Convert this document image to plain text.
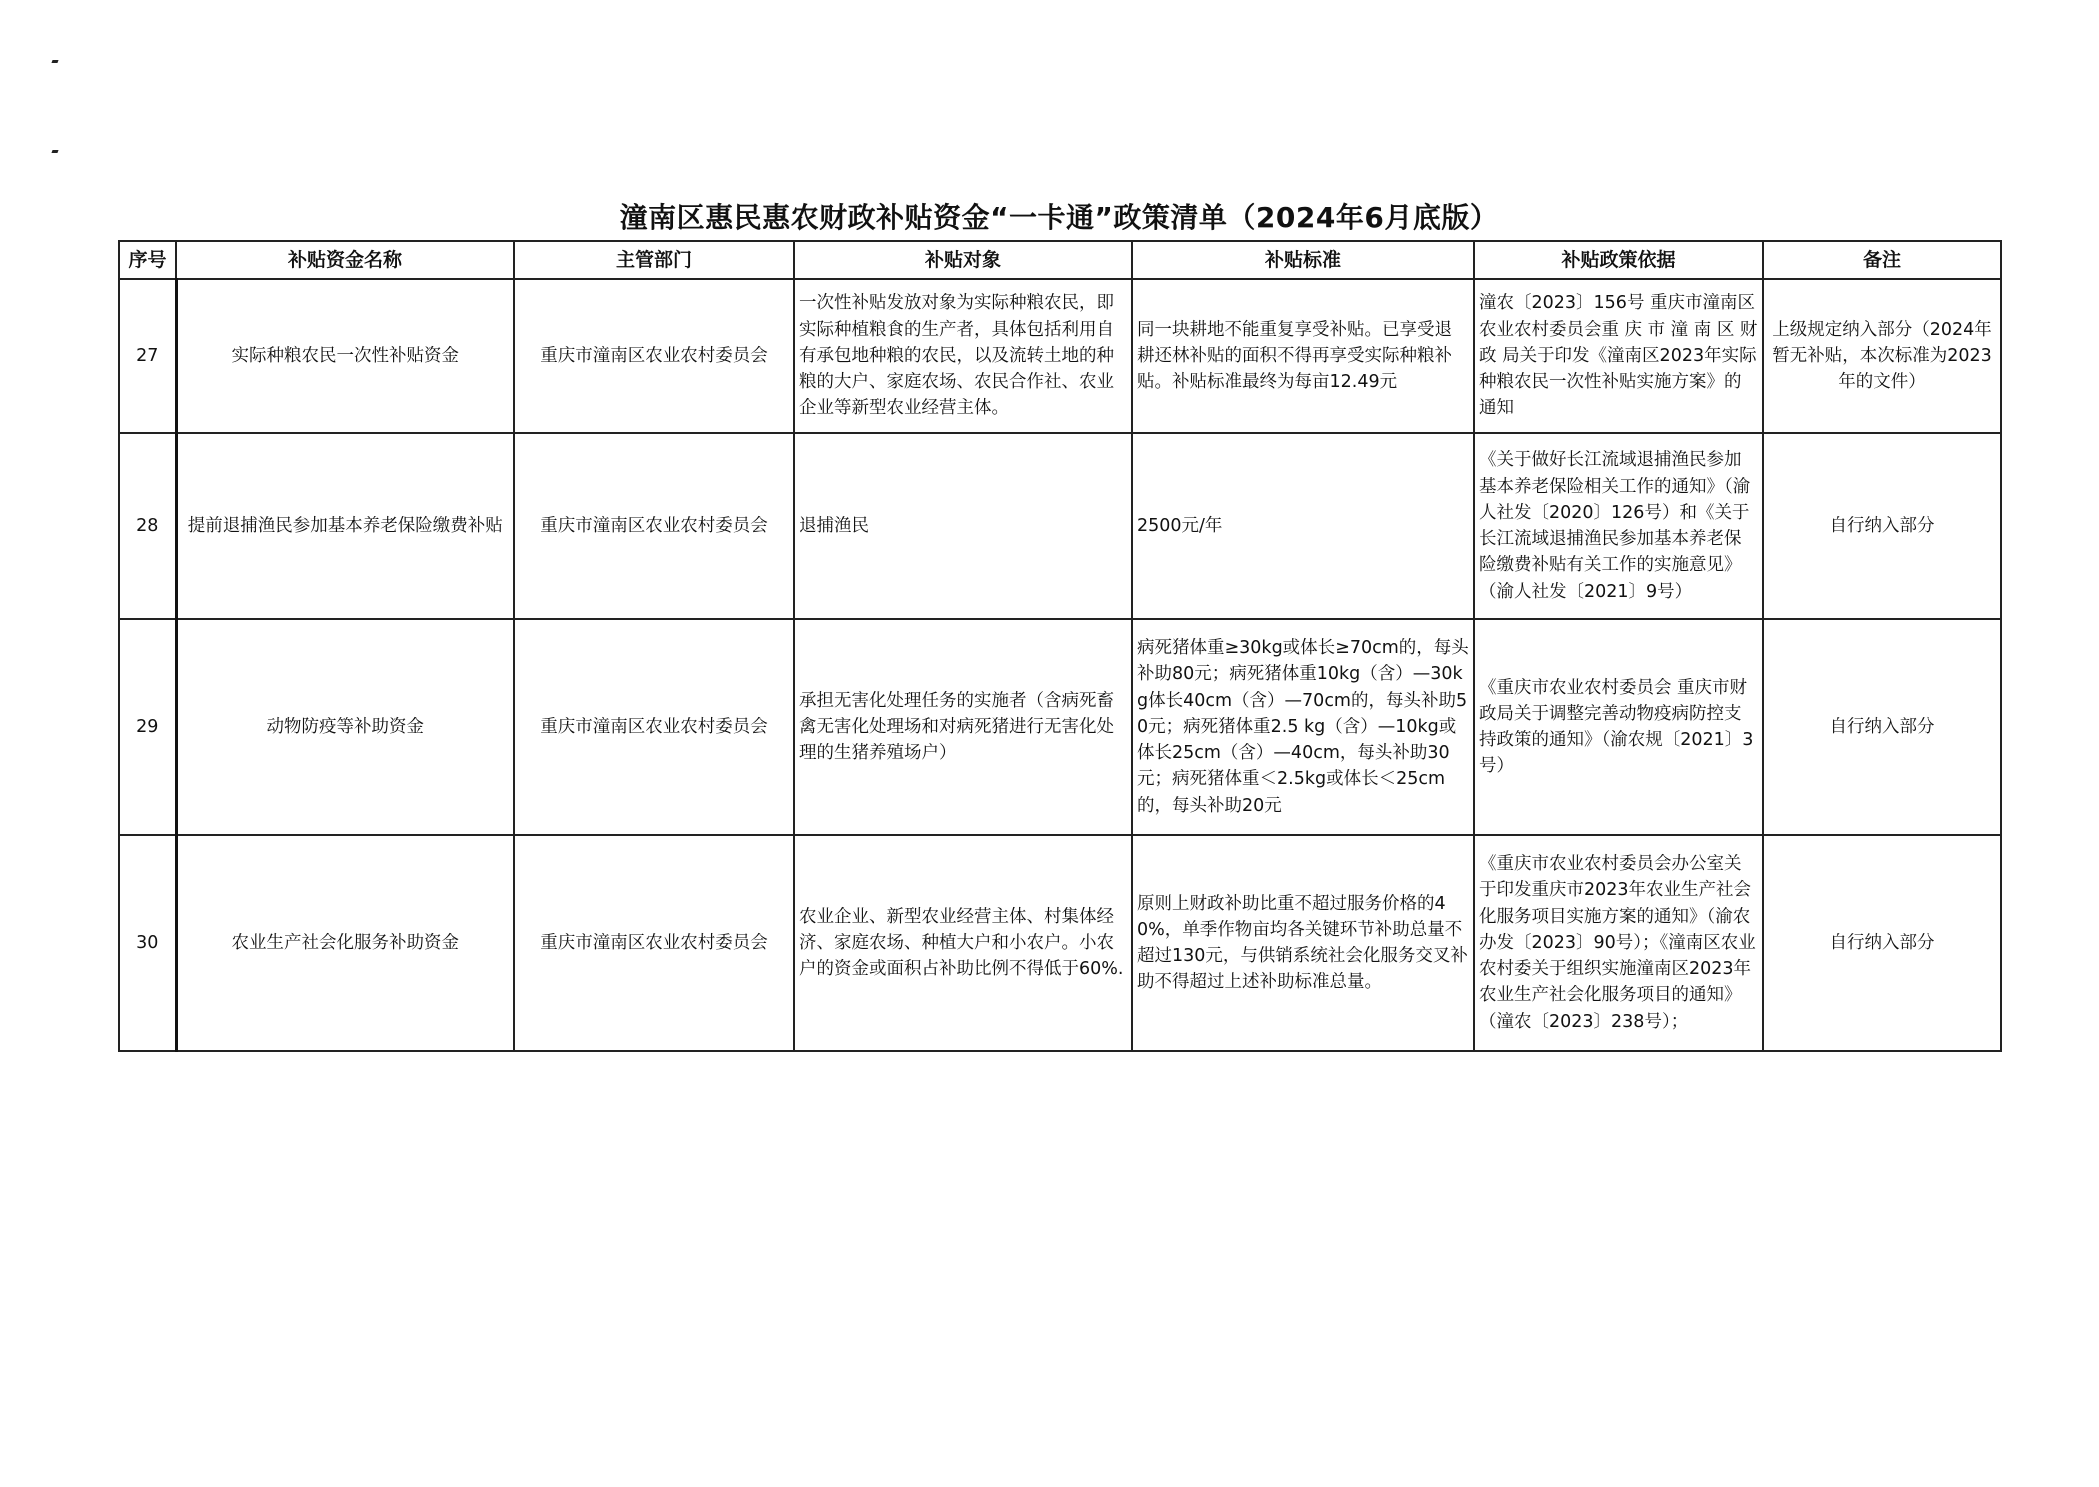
潼南区惠民惠农财政补贴资金“一卡通”政策清单（2024年6月底版）
序号	补贴资金名称	主管部门	补贴对象	补贴标准	补贴政策依据	备注
27	实际种粮农民一次性补贴资金	重庆市潼南区农业农村委员会	一次性补贴发放对象为实际种粮农民，即实际种植粮食的生产者，具体包括利用自有承包地种粮的农民，以及流转土地的种粮的大户、家庭农场、农民合作社、农业企业等新型农业经营主体。	同一块耕地不能重复享受补贴。已享受退耕还林补贴的面积不得再享受实际种粮补贴。补贴标准最终为每亩12.49元	潼农〔2023〕156号 重庆市潼南区农业农村委员会重 庆 市 潼 南 区 财 政 局关于印发《潼南区2023年实际种粮农民一次性补贴实施方案》的通知	上级规定纳入部分（2024年暂无补贴，本次标准为2023年的文件）
28	提前退捕渔民参加基本养老保险缴费补贴	重庆市潼南区农业农村委员会	退捕渔民	2500元/年	《关于做好长江流域退捕渔民参加基本养老保险相关工作的通知》（渝人社发〔2020〕126号）和《关于长江流域退捕渔民参加基本养老保险缴费补贴有关工作的实施意见》（渝人社发〔2021〕9号）	自行纳入部分
29	动物防疫等补助资金	重庆市潼南区农业农村委员会	承担无害化处理任务的实施者（含病死畜禽无害化处理场和对病死猪进行无害化处理的生猪养殖场户）	病死猪体重≥30kg或体长≥70cm的，每头补助80元；病死猪体重10kg（含）—30kg体长40cm（含）—70cm的，每头补助50元；病死猪体重2.5 kg（含）—10kg或体长25cm（含）—40cm，每头补助30元；病死猪体重＜2.5kg或体长＜25cm的，每头补助20元	《重庆市农业农村委员会 重庆市财政局关于调整完善动物疫病防控支持政策的通知》（渝农规〔2021〕3号）	自行纳入部分
30	农业生产社会化服务补助资金	重庆市潼南区农业农村委员会	农业企业、新型农业经营主体、村集体经济、家庭农场、种植大户和小农户。小农户的资金或面积占补助比例不得低于60%.	原则上财政补助比重不超过服务价格的40%，单季作物亩均各关键环节补助总量不超过130元，与供销系统社会化服务交叉补助不得超过上述补助标准总量。	《重庆市农业农村委员会办公室关于印发重庆市2023年农业生产社会化服务项目实施方案的通知》（渝农办发〔2023〕90号）；《潼南区农业农村委关于组织实施潼南区2023年农业生产社会化服务项目的通知》（潼农〔2023〕238号）；	自行纳入部分
